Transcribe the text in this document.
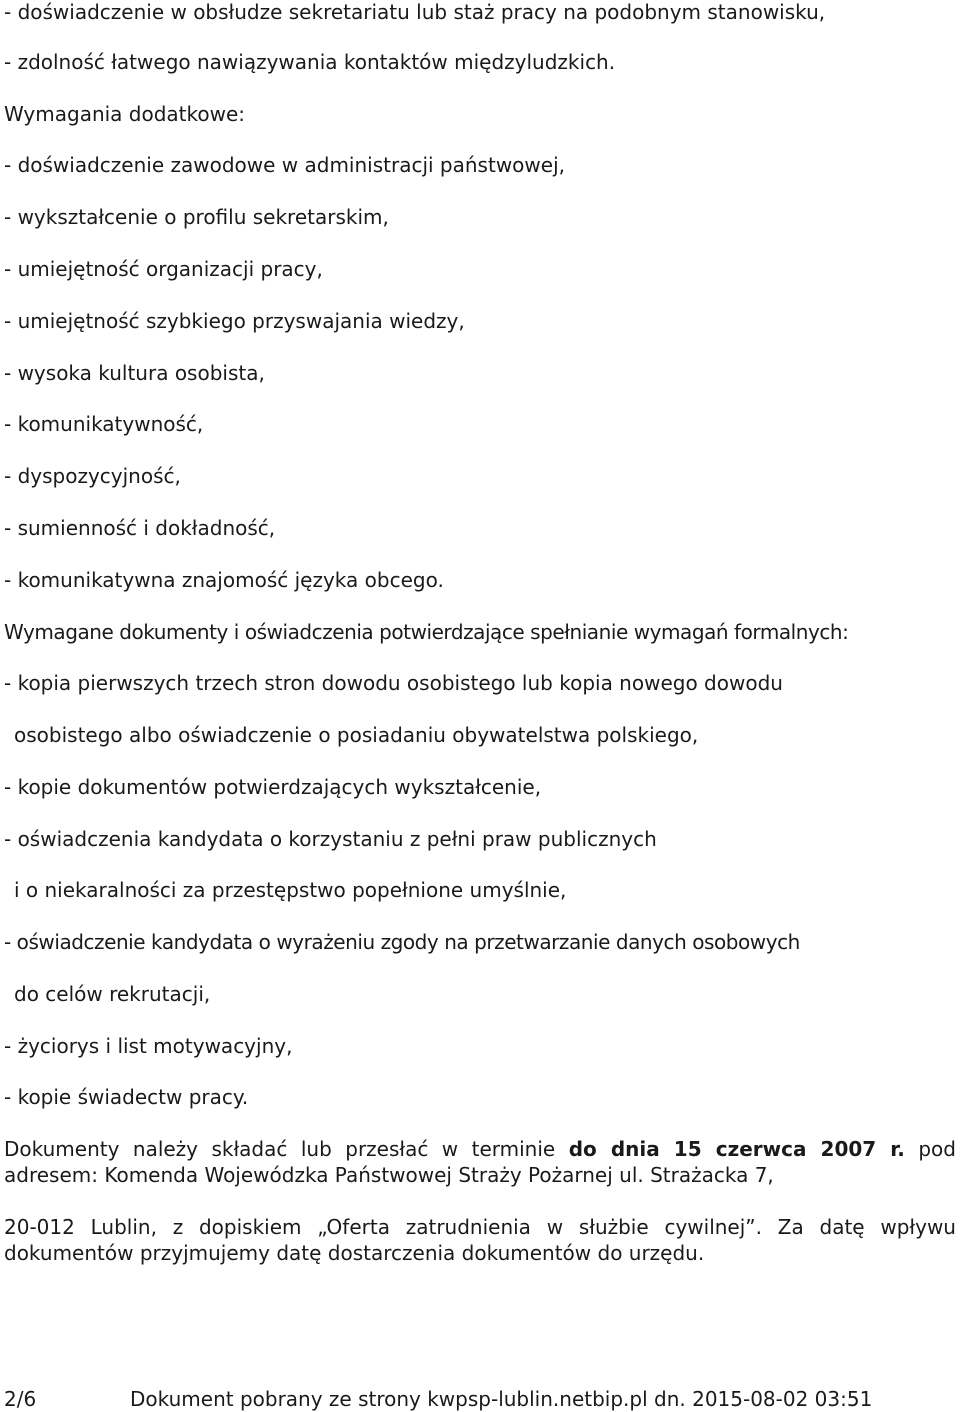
- doświadczenie w obsłudze sekretariatu lub staż pracy na podobnym stanowisku,

- zdolność łatwego nawiązywania kontaktów międzyludzkich.

Wymagania dodatkowe:

- doświadczenie zawodowe w administracji państwowej,

- wykształcenie o profilu sekretarskim,

- umiejętność organizacji pracy,

- umiejętność szybkiego przyswajania wiedzy,

- wysoka kultura osobista,

- komunikatywność,

- dyspozycyjność,

- sumienność i dokładność,

- komunikatywna znajomość języka obcego.

Wymagane dokumenty i oświadczenia potwierdzające spełnianie wymagań formalnych:

- kopia pierwszych trzech stron dowodu osobistego lub kopia nowego dowodu

osobistego albo oświadczenie o posiadaniu obywatelstwa polskiego,

- kopie dokumentów potwierdzających wykształcenie,

- oświadczenia kandydata o korzystaniu z pełni praw publicznych

i o niekaralności za przestępstwo popełnione umyślnie,

- oświadczenie kandydata o wyrażeniu zgody na przetwarzanie danych osobowych

do celów rekrutacji,

- życiorys i list motywacyjny,

- kopie świadectw pracy.

Dokumenty należy składać lub przesłać w terminie do dnia 15 czerwca 2007 r. pod adresem: Komenda Wojewódzka Państwowej Straży Pożarnej ul. Strażacka 7,

20-012 Lublin, z dopiskiem „Oferta zatrudnienia w służbie cywilnej”. Za datę wpływu dokumentów przyjmujemy datę dostarczenia dokumentów do urzędu.

2/6	Dokument pobrany ze strony kwpsp-lublin.netbip.pl dn. 2015-08-02 03:51
